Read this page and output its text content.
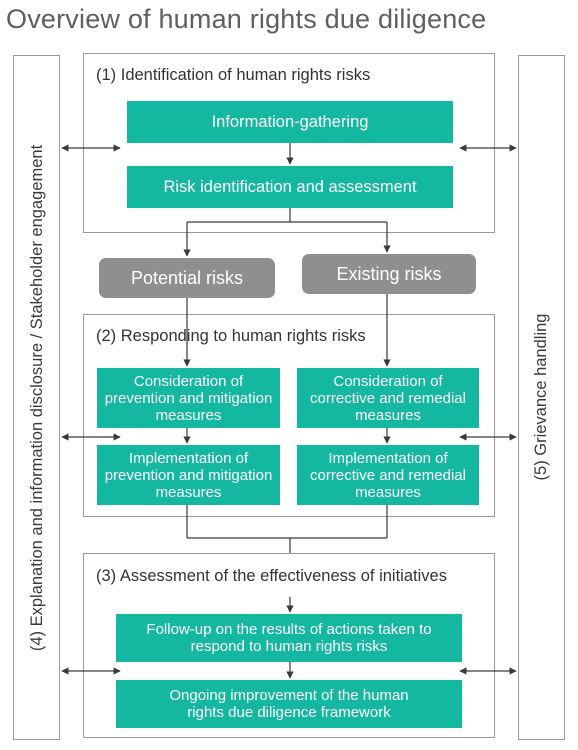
Overview of human rights due diligence
(4) Explanation and information disclosure / Stakeholder engagement	(5) Grievance handling
(1) Identification of human rights risks
Information-gathering
Risk identification and assessment
Potential risks	Existing risks
(2) Responding to human rights risks
Consideration of prevention and mitigation measures
Implementation of prevention and mitigation measures
Consideration of corrective and remedial measures
Implementation of corrective and remedial measures
(3) Assessment of the effectiveness of initiatives
Follow-up on the results of actions taken to respond to human rights risks
Ongoing improvement of the human rights due diligence framework
